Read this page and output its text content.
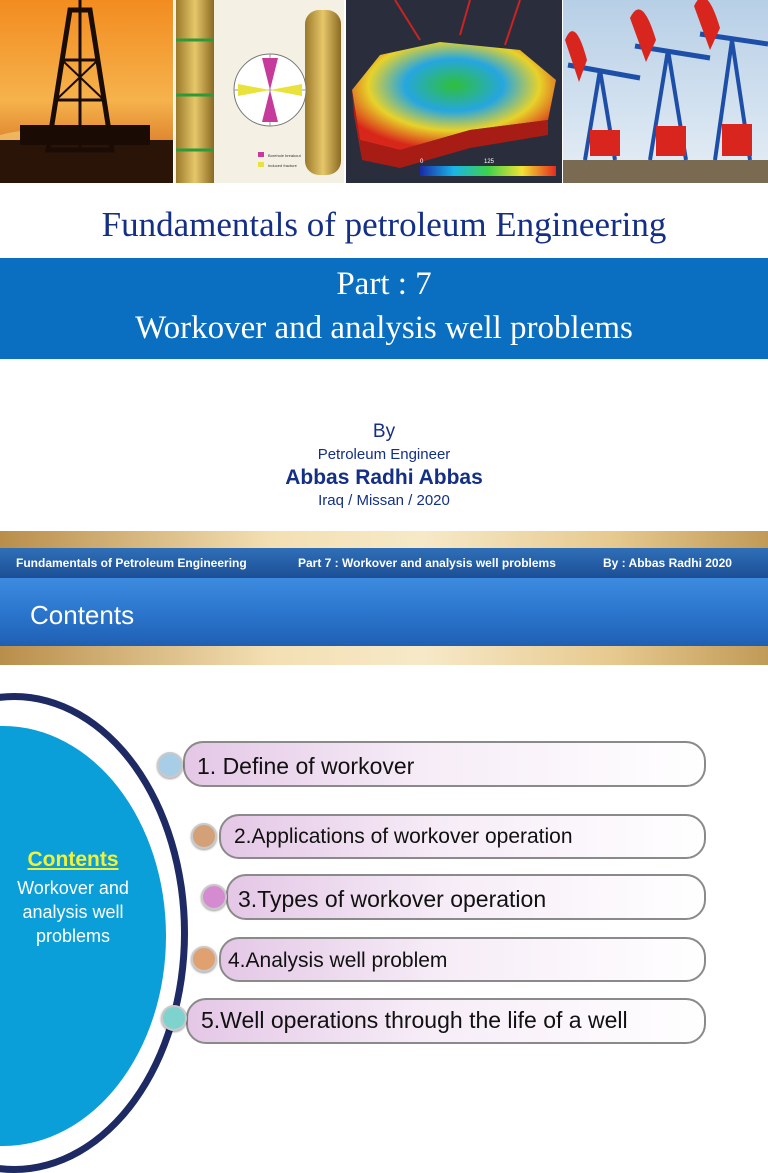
Borehole breakout
Induced fracture
0	125
Fundamentals of petroleum Engineering
Part : 7
Workover and analysis well problems
By
Petroleum Engineer
Abbas Radhi Abbas
Iraq / Missan / 2020
Fundamentals of Petroleum Engineering	Part 7 : Workover and analysis well problems	By : Abbas Radhi 2020
Contents
Contents
Workover and analysis well problems
1. Define of workover
2.Applications of workover operation
3.Types of workover operation
4.Analysis well problem
5.Well operations through the life of a well
